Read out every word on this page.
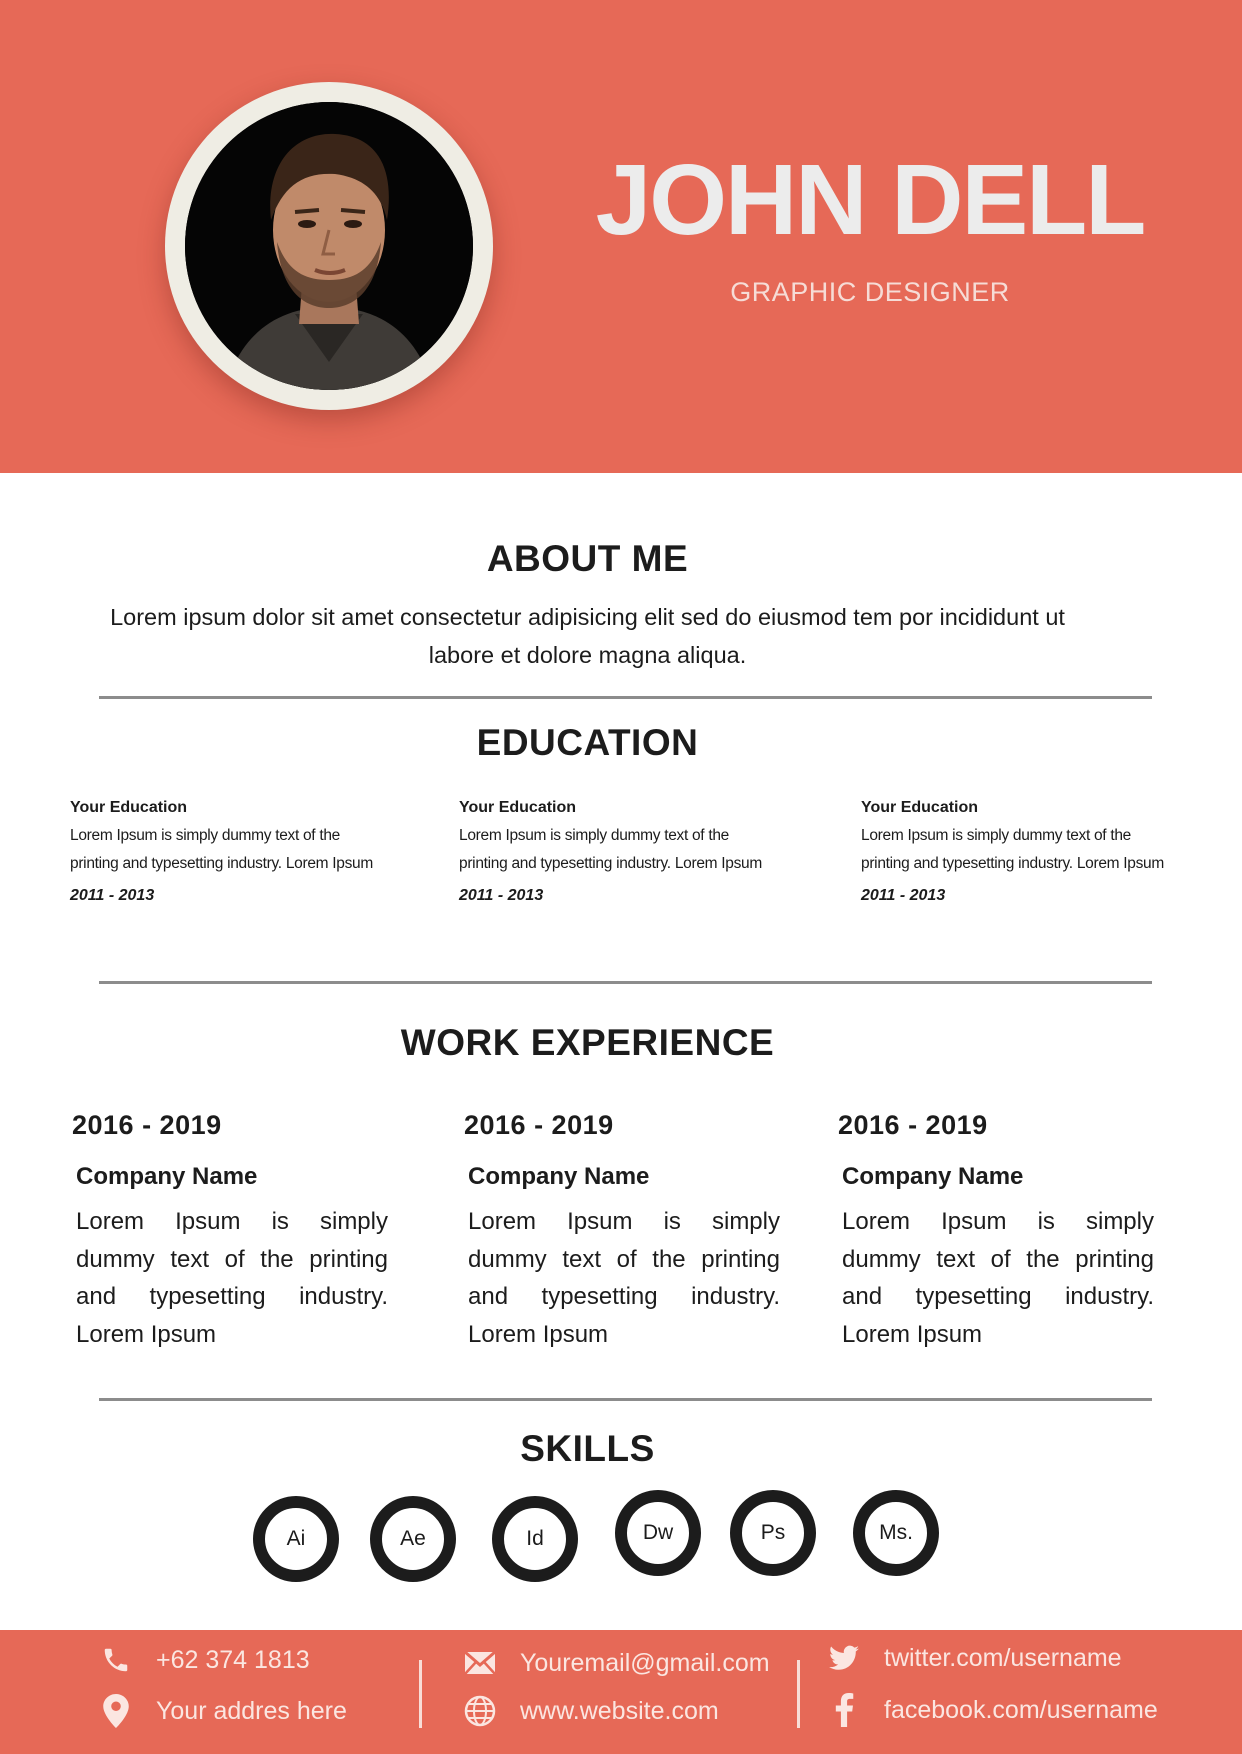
JOHN DELL
GRAPHIC DESIGNER
ABOUT ME
Lorem ipsum dolor sit amet consectetur adipisicing elit sed do eiusmod tem por incididunt ut labore et dolore magna aliqua.
EDUCATION
Your Education
Lorem Ipsum is simply dummy text of the printing and typesetting industry. Lorem Ipsum
2011 - 2013
Your Education
Lorem Ipsum is simply dummy text of the printing and typesetting industry. Lorem Ipsum
2011 - 2013
Your Education
Lorem Ipsum is simply dummy text of the printing and typesetting industry. Lorem Ipsum
2011 - 2013
WORK EXPERIENCE
2016 - 2019
Company Name
Lorem Ipsum is simply dummy text of the printing and typesetting industry. Lorem Ipsum
2016 - 2019
Company Name
Lorem Ipsum is simply dummy text of the printing and typesetting industry. Lorem Ipsum
2016 - 2019
Company Name
Lorem Ipsum is simply dummy text of the printing and typesetting industry. Lorem Ipsum
SKILLS
Ai	Ae	Id	Dw	Ps	Ms.
+62 374 1813
Your addres here
Youremail@gmail.com
www.website.com
twitter.com/username
facebook.com/username
